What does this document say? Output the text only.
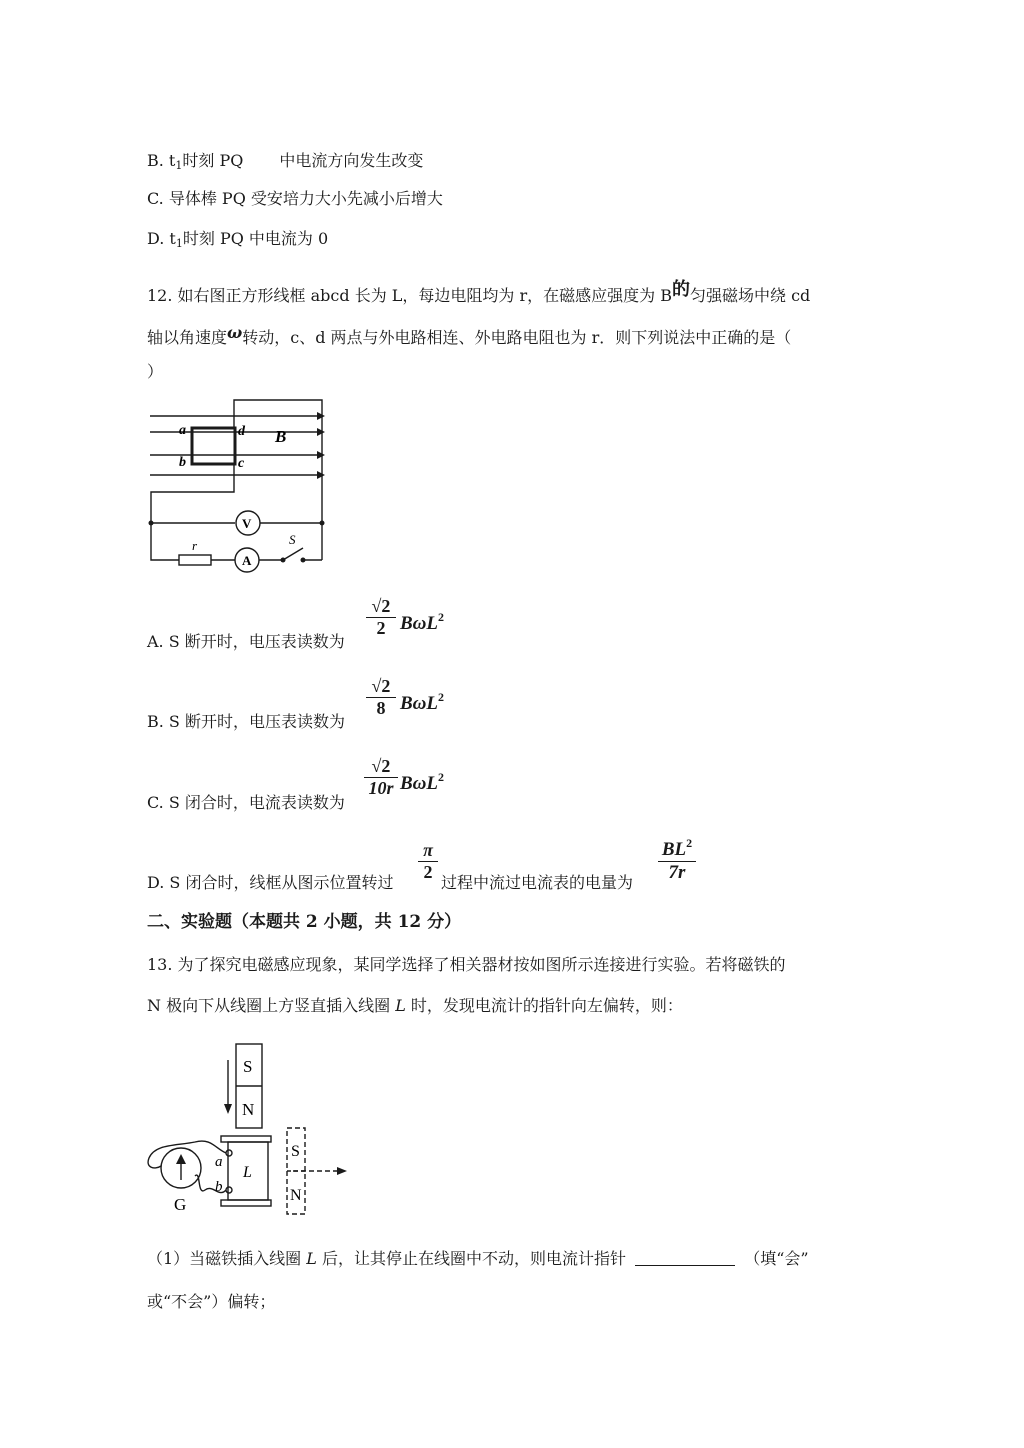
B. $t_1$时刻 PQ 中电流方向发生改变
C. 导体棒 PQ 受安培力大小先减小后增大
D. $t_1$时刻 PQ 中电流为 0
12. 如右图正方形线框 abcd 长为 L，每边电阻均为 r，在磁感应强度为 B的匀强磁场中绕 cd
轴以角速度ω转动，c、d 两点与外电路相连、外电路电阻也为 r．则下列说法中正确的是（
）
a
b
d
c
B
V
A
r	S
A. S 断开时，电压表读数为
√2
2 BωL$^2$
B. S 断开时，电压表读数为
√2
8 BωL$^2$
C. S 闭合时，电流表读数为
√2
10r BωL$^2$
D. S 闭合时，线框从图示位置转过
π
2
过程中流过电流表的电量为
$BL^2$
7r
二、实验题（本题共 2 小题，共 12 分）
13. 为了探究电磁感应现象，某同学选择了相关器材按如图所示连接进行实验。若将磁铁的
N 极向下从线圈上方竖直插入线圈 L 时，发现电流计的指针向左偏转，则：
S
N
L
a
b
G
S
N
（1）当磁铁插入线圈 L 后，让其停止在线圈中不动，则电流计指针	（填“会”
或“不会”）偏转；
